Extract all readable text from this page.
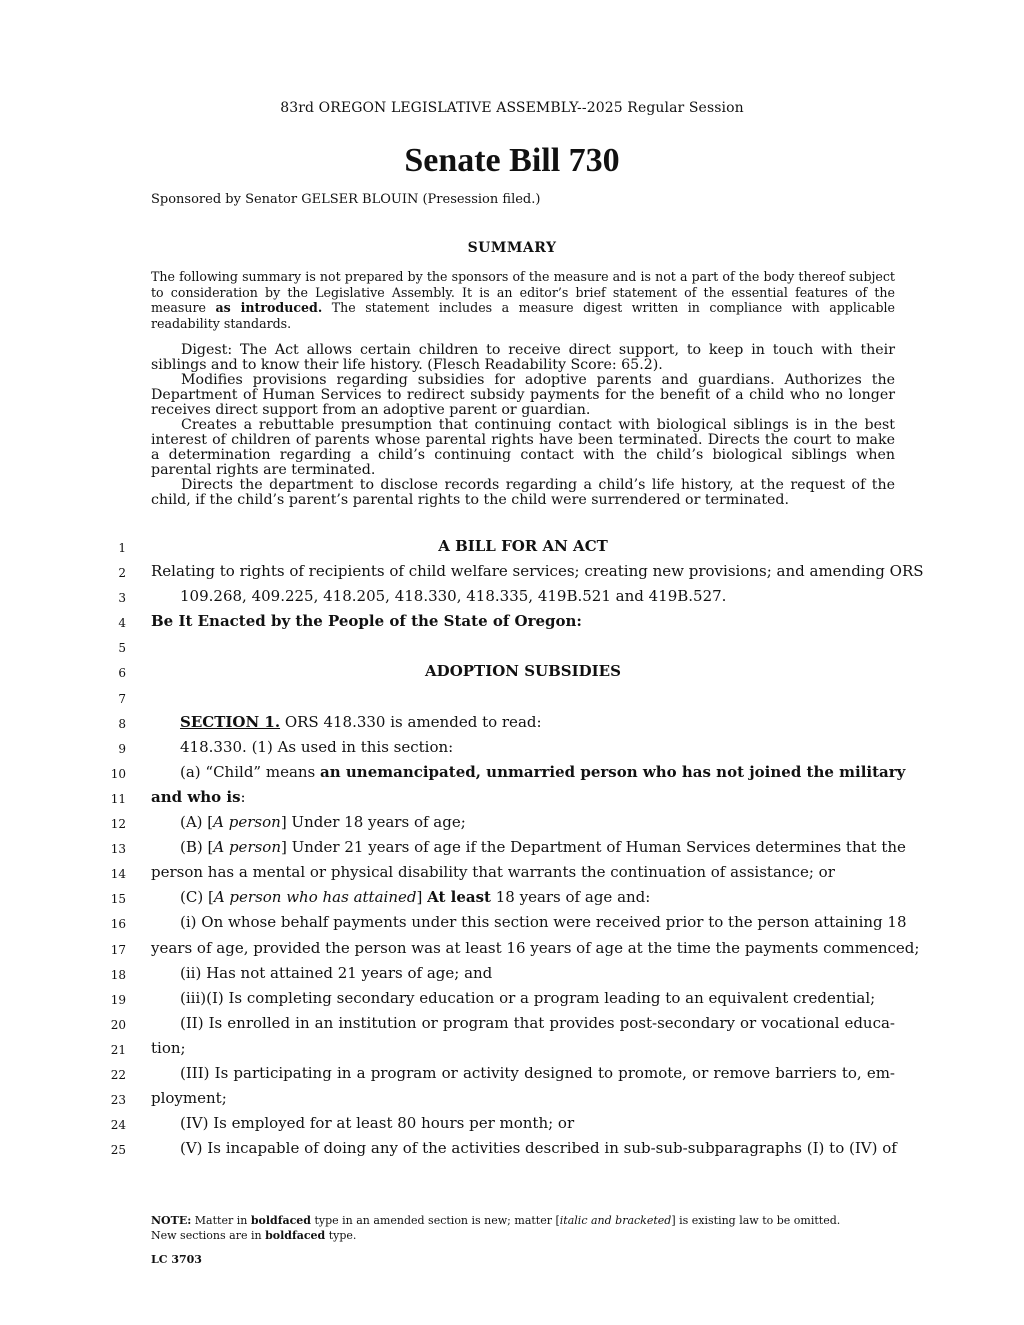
83rd OREGON LEGISLATIVE ASSEMBLY--2025 Regular Session
Senate Bill 730
Sponsored by Senator GELSER BLOUIN (Presession filed.)
SUMMARY
The following summary is not prepared by the sponsors of the measure and is not a part of the body thereof subject to consideration by the Legislative Assembly. It is an editor’s brief statement of the essential features of the measure as introduced. The statement includes a measure digest written in compliance with applicable readability standards.

Digest: The Act allows certain children to receive direct support, to keep in touch with their siblings and to know their life history. (Flesch Readability Score: 65.2).

Modifies provisions regarding subsidies for adoptive parents and guardians. Authorizes the Department of Human Services to redirect subsidy payments for the benefit of a child who no longer receives direct support from an adoptive parent or guardian.

Creates a rebuttable presumption that continuing contact with biological siblings is in the best interest of children of parents whose parental rights have been terminated. Directs the court to make a determination regarding a child’s continuing contact with the child’s biological siblings when parental rights are terminated.

Directs the department to disclose records regarding a child’s life history, at the request of the child, if the child’s parent’s parental rights to the child were surrendered or terminated.

1	A BILL FOR AN ACT
2 Relating to rights of recipients of child welfare services; creating new provisions; and amending ORS
3	109.268, 409.225, 418.205, 418.330, 418.335, 419B.521 and 419B.527.
4 Be It Enacted by the People of the State of Oregon:
5
6	ADOPTION SUBSIDIES
7
8	SECTION 1. ORS 418.330 is amended to read:
9	418.330. (1) As used in this section:
10	(a) “Child” means an unemancipated, unmarried person who has not joined the military
11 and who is:
12	(A) [A person] Under 18 years of age;
13	(B) [A person] Under 21 years of age if the Department of Human Services determines that the
14 person has a mental or physical disability that warrants the continuation of assistance; or
15	(C) [A person who has attained] At least 18 years of age and:
16	(i) On whose behalf payments under this section were received prior to the person attaining 18
17 years of age, provided the person was at least 16 years of age at the time the payments commenced;
18	(ii) Has not attained 21 years of age; and
19	(iii)(I) Is completing secondary education or a program leading to an equivalent credential;
20	(II) Is enrolled in an institution or program that provides post-secondary or vocational educa-
21 tion;
22	(III) Is participating in a program or activity designed to promote, or remove barriers to, em-
23 ployment;
24	(IV) Is employed for at least 80 hours per month; or
25	(V) Is incapable of doing any of the activities described in sub-sub-subparagraphs (I) to (IV) of
NOTE: Matter in boldfaced type in an amended section is new; matter [italic and bracketed] is existing law to be omitted.
New sections are in boldfaced type.
LC 3703
